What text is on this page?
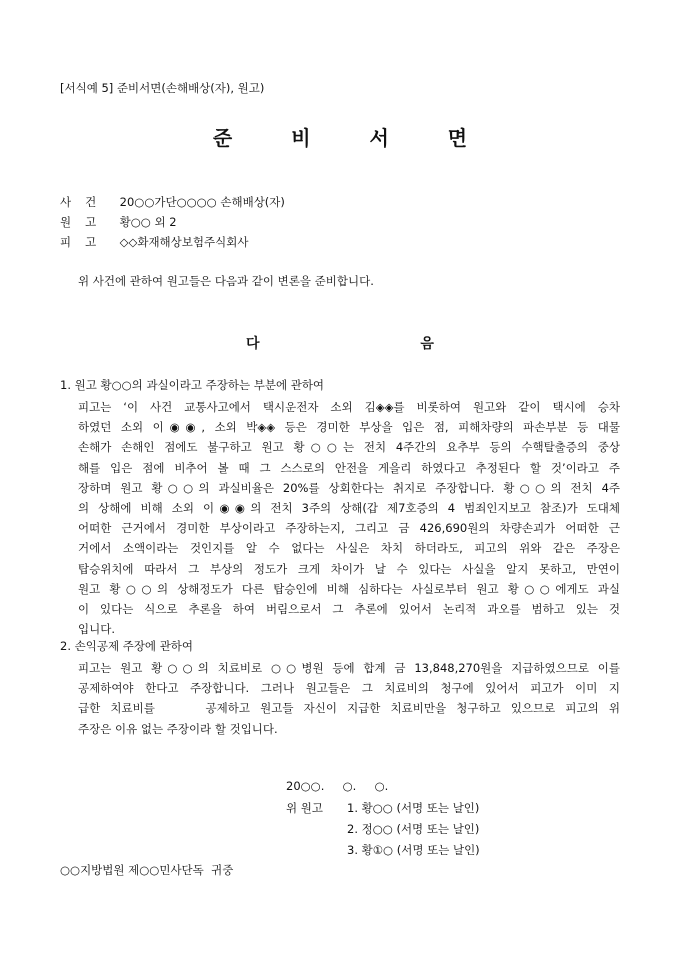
[서식예 5] 준비서면(손해배상(자), 원고)
준 비 서 면
사건 20○○가단○○○○ 손해배상(자)
원고 황○○ 외 2
피고 ◇◇화재해상보험주식회사
위 사건에 관하여 원고들은 다음과 같이 변론을 준비합니다.
다 음
1. 원고 황○○의 과실이라고 주장하는 부분에 관하여
피고는 ‘이 사건 교통사고에서 택시운전자 소외 김◈◈를 비롯하여 원고와 같이 택시에 승차
하였던 소외 이◉◉, 소외 박◈◈ 등은 경미한 부상을 입은 점, 피해차량의 파손부분 등 대물
손해가 손해인 점에도 불구하고 원고 황○○는 전치 4주간의 요추부 등의 수핵탈출증의 중상
해를 입은 점에 비추어 볼 때 그 스스로의 안전을 게을리 하였다고 추정된다 할 것’이라고 주
장하며 원고 황○○의 과실비율은 20%를 상회한다는 취지로 주장합니다. 황○○의 전치 4주
의 상해에 비해 소외 이◉◉의 전치 3주의 상해(갑 제7호증의 4 범죄인지보고 참조)가 도대체
어떠한 근거에서 경미한 부상이라고 주장하는지, 그리고 금 426,690원의 차량손괴가 어떠한 근
거에서 소액이라는 것인지를 알 수 없다는 사실은 차치 하더라도, 피고의 위와 같은 주장은
탑승위치에 따라서 그 부상의 정도가 크게 차이가 날 수 있다는 사실을 알지 못하고, 만연이
원고 황○○의 상해정도가 다른 탑승인에 비해 심하다는 사실로부터 원고 황○○에게도 과실
이 있다는 식으로 추론을 하여 버림으로서 그 추론에 있어서 논리적 과오를 범하고 있는 것
입니다.
2. 손익공제 주장에 관하여
피고는 원고 황○○의 치료비로 ○○병원 등에 합계 금 13,848,270원을 지급하였으므로 이를
공제하여야 한다고 주장합니다. 그러나 원고들은 그 치료비의 청구에 있어서 피고가 이미 지
급한 치료비를     공제하고 원고들 자신이 지급한 치료비만을 청구하고 있으므로 피고의 위
주장은 이유 없는 주장이라 할 것입니다.
20○○.     ○.     ○.
위 원고 1. 황○○ (서명 또는 날인)
2. 정○○ (서명 또는 날인)
3. 황①○ (서명 또는 날인)
○○지방법원 제○○민사단독  귀중
